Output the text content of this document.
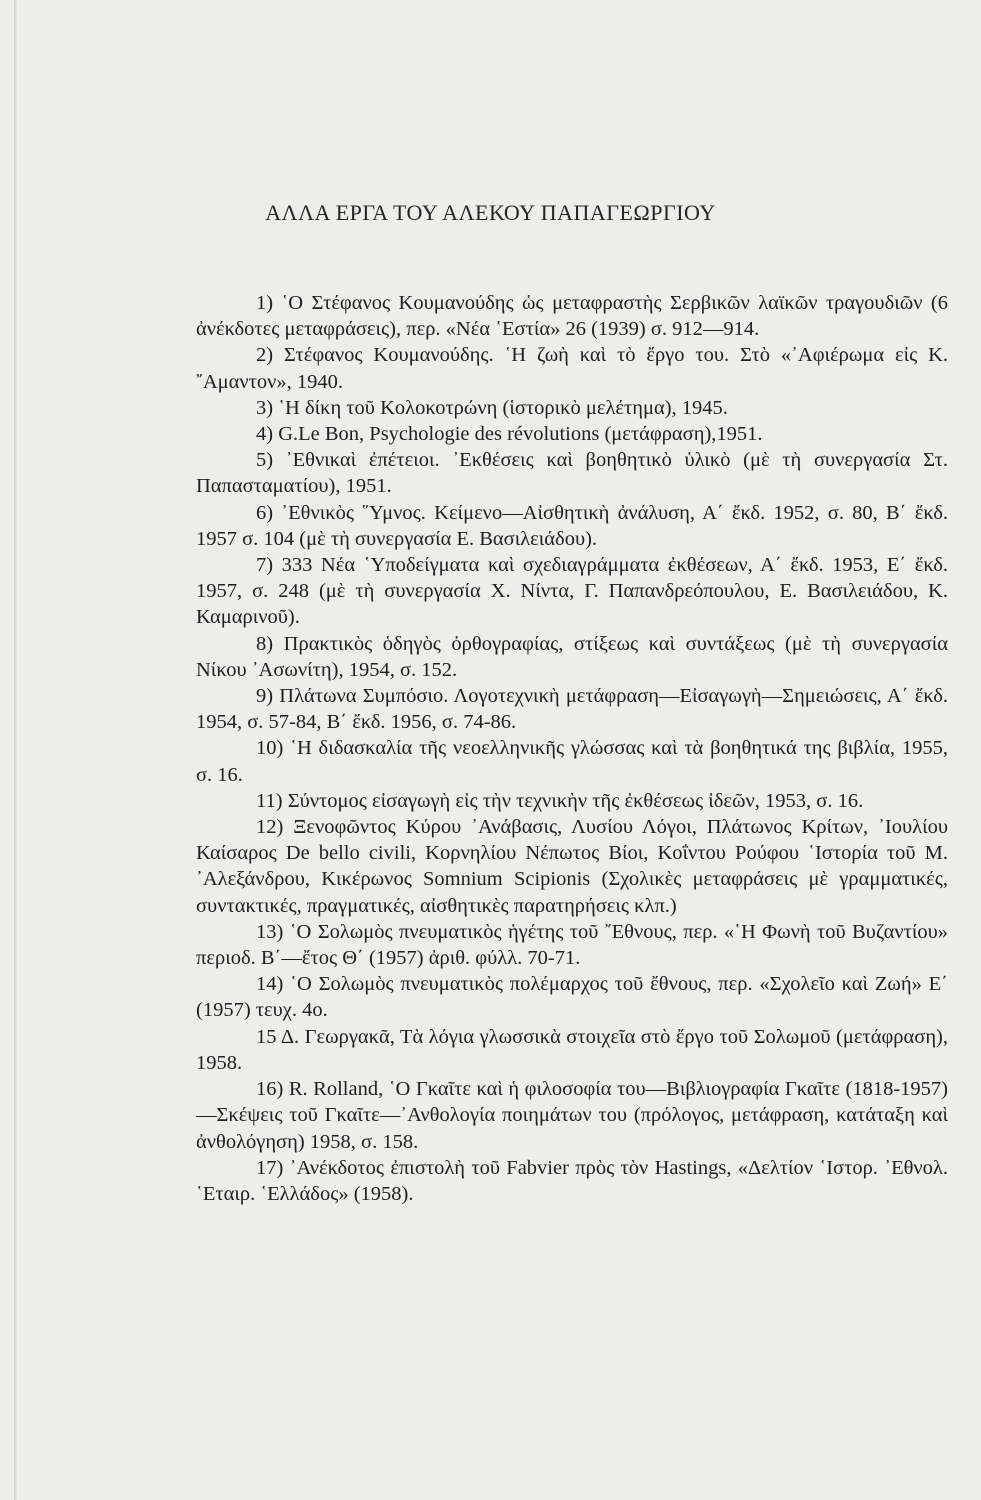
ΑΛΛΑ ΕΡΓΑ ΤΟΥ ΑΛΕΚΟΥ ΠΑΠΑΓΕΩΡΓΙΟΥ

1) ῾Ο Στέφανος Κουμανούδης ὡς μεταφραστὴς Σερβικῶν λαϊκῶν τραγουδιῶν (6 ἀνέκδοτες μεταφράσεις), περ. «Νέα ῾Εστία» 26 (1939) σ. 912—914.

2) Στέφανος Κουμανούδης. ῾Η ζωὴ καὶ τὸ ἔργο του. Στὸ «᾿Αφιέρωμα εἰς Κ. ῎Αμαντον», 1940.

3) ῾Η δίκη τοῦ Κολοκοτρώνη (ἱστορικὸ μελέτημα), 1945.

4) G.Le Bon, Psychologie des révolutions (μετάφραση),1951.

5) ᾿Εθνικαὶ ἐπέτειοι. ᾿Εκθέσεις καὶ βοηθητικὸ ὑλικὸ (μὲ τὴ συνεργασία Στ. Παπασταματίου), 1951.

6) ᾿Εθνικὸς ῞Υμνος. Κείμενο—Αἰσθητικὴ ἀνάλυση, Α΄ ἔκδ. 1952, σ. 80, Β΄ ἔκδ. 1957 σ. 104 (μὲ τὴ συνεργασία Ε. Βασιλειάδου).

7) 333 Νέα ῾Υποδείγματα καὶ σχεδιαγράμματα ἐκθέσεων, Α΄ ἔκδ. 1953, Ε΄ ἔκδ. 1957, σ. 248 (μὲ τὴ συνεργασία Χ. Νίντα, Γ. Παπανδρεόπουλου, Ε. Βασιλειάδου, Κ. Καμαρινοῦ).

8) Πρακτικὸς ὁδηγὸς ὀρθογραφίας, στίξεως καὶ συντάξεως (μὲ τὴ συνεργασία Νίκου ᾿Ασωνίτη), 1954, σ. 152.

9) Πλάτωνα Συμπόσιο. Λογοτεχνικὴ μετάφραση—Εἰσαγωγὴ—Σημειώσεις, Α΄ ἔκδ. 1954, σ. 57-84, Β΄ ἔκδ. 1956, σ. 74-86.

10) ῾Η διδασκαλία τῆς νεοελληνικῆς γλώσσας καὶ τὰ βοηθητικά της βιβλία, 1955, σ. 16.

11) Σύντομος εἰσαγωγὴ εἰς τὴν τεχνικὴν τῆς ἐκθέσεως ἰδεῶν, 1953, σ. 16.

12) Ξενοφῶντος Κύρου ᾿Ανάβασις, Λυσίου Λόγοι, Πλάτωνος Κρίτων, ᾿Ιουλίου Καίσαρος De bello civili, Κορνηλίου Νέπωτος Βίοι, Κοΐντου Ρούφου ῾Ιστορία τοῦ Μ. ᾿Αλεξάνδρου, Κικέρωνος Somnium Scipionis (Σχολικὲς μεταφράσεις μὲ γραμματικές, συντακτικές, πραγματικές, αἰσθητικὲς παρατηρήσεις κλπ.)

13) ῾Ο Σολωμὸς πνευματικὸς ἡγέτης τοῦ ῎Εθνους, περ. «῾Η Φωνὴ τοῦ Βυζαντίου» περιοδ. Β΄—ἔτος Θ΄ (1957) ἀριθ. φύλλ. 70-71.

14) ῾Ο Σολωμὸς πνευματικὸς πολέμαρχος τοῦ ἔθνους, περ. «Σχολεῖο καὶ Ζωή» Ε΄ (1957) τευχ. 4ο.

15 Δ. Γεωργακᾶ, Τὰ λόγια γλωσσικὰ στοιχεῖα στὸ ἔργο τοῦ Σολωμοῦ (μετάφραση), 1958.

16) R. Rolland, ῾Ο Γκαῖτε καὶ ἡ φιλοσοφία του—Βιβλιογραφία Γκαῖτε (1818-1957)—Σκέψεις τοῦ Γκαῖτε—᾿Ανθολογία ποιημάτων του (πρόλογος, μετάφραση, κατάταξη καὶ ἀνθολόγηση) 1958, σ. 158.

17) ᾿Ανέκδοτος ἐπιστολὴ τοῦ Fabvier πρὸς τὸν Hastings, «Δελτίον ῾Ιστορ. ᾿Εθνολ. ῾Εταιρ. ῾Ελλάδος» (1958).
